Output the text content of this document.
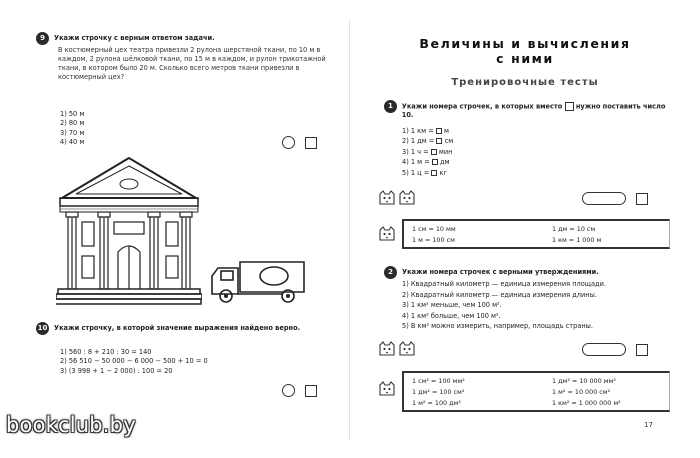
9	Укажи строчку с верным ответом задачи.
В костюмерный цех театра привезли 2 рулона шерстяной ткани, по 10 м в каждом, 2 рулона шёлковой ткани, по 15 м в каждом, и рулон трикотажной ткани, в котором было 20 м. Сколько всего метров ткани привезли в костюмерный цех?
1) 50 м
2) 80 м
3) 70 м
4) 40 м
10 Укажи строчку, в которой значение выражения найдено верно.
1) 560 : 8 + 210 : 30 = 140
2) 56 510 − 50 000 − 6 000 − 500 + 10 = 0
3) (3 998 + 1 − 2 000) : 100 = 20
Величины и вычисления
с ними
Тренировочные тесты
1	Укажи номера строчек, в которых вместо нужно поставить число 10.
1) 1 км = м
2) 1 дм = см
3) 1 ч = мин
4) 1 м = дм
5) 1 ц = кг
1 см = 10 мм	1 дм = 10 см
1 м = 100 см	1 км = 1 000 м
2	Укажи номера строчек с верными утверждениями.
1) Квадратный километр — единица измерения площади.
2) Квадратный километр — единица измерения длины.
3) 1 км² меньше, чем 100 м².
4) 1 км² больше, чем 100 м².
5) В км² можно измерить, например, площадь страны.
1 см² = 100 мм²	1 дм² = 10 000 мм²
1 дм² = 100 см²	1 м² = 10 000 см²
1 м² = 100 дм²	1 км² = 1 000 000 м²
17
bookclub.by
